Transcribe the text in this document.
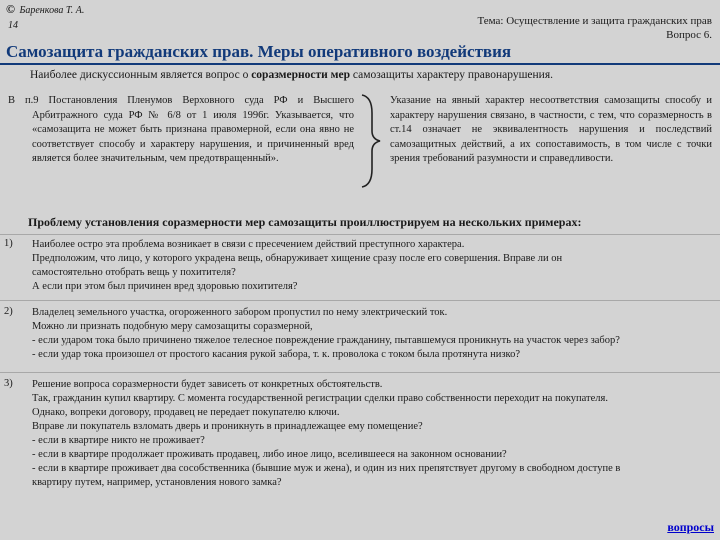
© Баренкова Т. А.
14	Тема: Осуществление и защита гражданских прав
Вопрос 6.
Самозащита гражданских прав. Меры оперативного воздействия
Наиболее дискуссионным является вопрос о соразмерности мер самозащиты характеру правонарушения.
В п.9 Постановления Пленумов Верховного суда РФ и Высшего Арбитражного суда РФ № 6/8 от 1 июля 1996г. Указывается, что «самозащита не может быть признана правомерной, если она явно не соответствует способу и характеру нарушения, и причиненный вред является более значительным, чем предотвращенный».
Указание на явный характер несоответствия самозащиты способу и характеру нарушения связано, в частности, с тем, что соразмерность в ст.14 означает не эквивалентность нарушения и последствий самозащитных действий, а их сопоставимость, в том числе с точки зрения требований разумности и справедливости.
Проблему установления соразмерности мер самозащиты проиллюстрируем на нескольких примерах:
1) Наиболее остро эта проблема возникает в связи с пресечением действий преступного характера.
Предположим, что лицо, у которого украдена вещь, обнаруживает хищение сразу после его совершения. Вправе ли он
самостоятельно отобрать вещь у похитителя?
А если при этом был причинен вред здоровью похитителя?
2) Владелец земельного участка, огороженного забором пропустил по нему электрический ток.
Можно ли признать подобную меру самозащиты соразмерной,
- если ударом тока было причинено тяжелое телесное повреждение гражданину, пытавшемуся проникнуть на участок через забор?
- если удар тока произошел от простого касания рукой забора, т. к. проволока с током была протянута низко?
3) Решение вопроса соразмерности будет зависеть от конкретных обстоятельств.
Так, гражданин купил квартиру. С момента государственной регистрации сделки право собственности переходит на покупателя.
Однако, вопреки договору, продавец не передает покупателю ключи.
Вправе ли покупатель взломать дверь и проникнуть в принадлежащее ему помещение?
- если в квартире никто не проживает?
- если в квартире продолжает проживать продавец, либо иное лицо, вселившееся на законном основании?
- если в квартире проживает два сособственника (бывшие муж и жена), и один из них препятствует другому в свободном доступе в
квартиру путем, например, установления нового замка?
вопросы
